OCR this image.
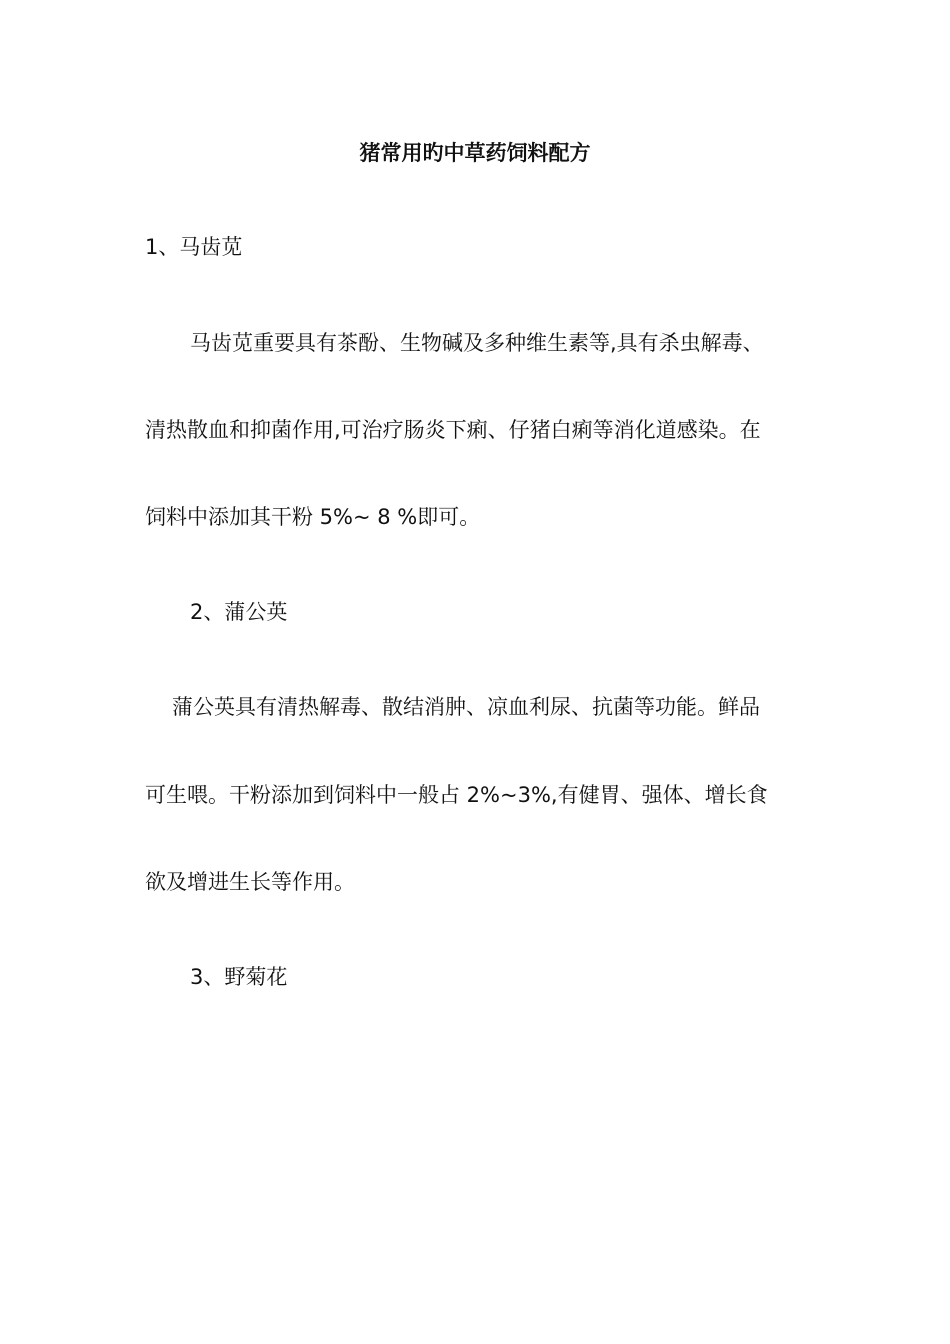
猪常用旳中草药饲料配方
1、马齿苋
马齿苋重要具有茶酚、生物碱及多种维生素等,具有杀虫解毒、
清热散血和抑菌作用,可治疗肠炎下痢、仔猪白痢等消化道感染。在
饲料中添加其干粉 5%~ 8 %即可。
2、蒲公英
蒲公英具有清热解毒、散结消肿、凉血利尿、抗菌等功能。鲜品
可生喂。干粉添加到饲料中一般占 2%~3%,有健胃、强体、增长食
欲及增进生长等作用。
3、野菊花
